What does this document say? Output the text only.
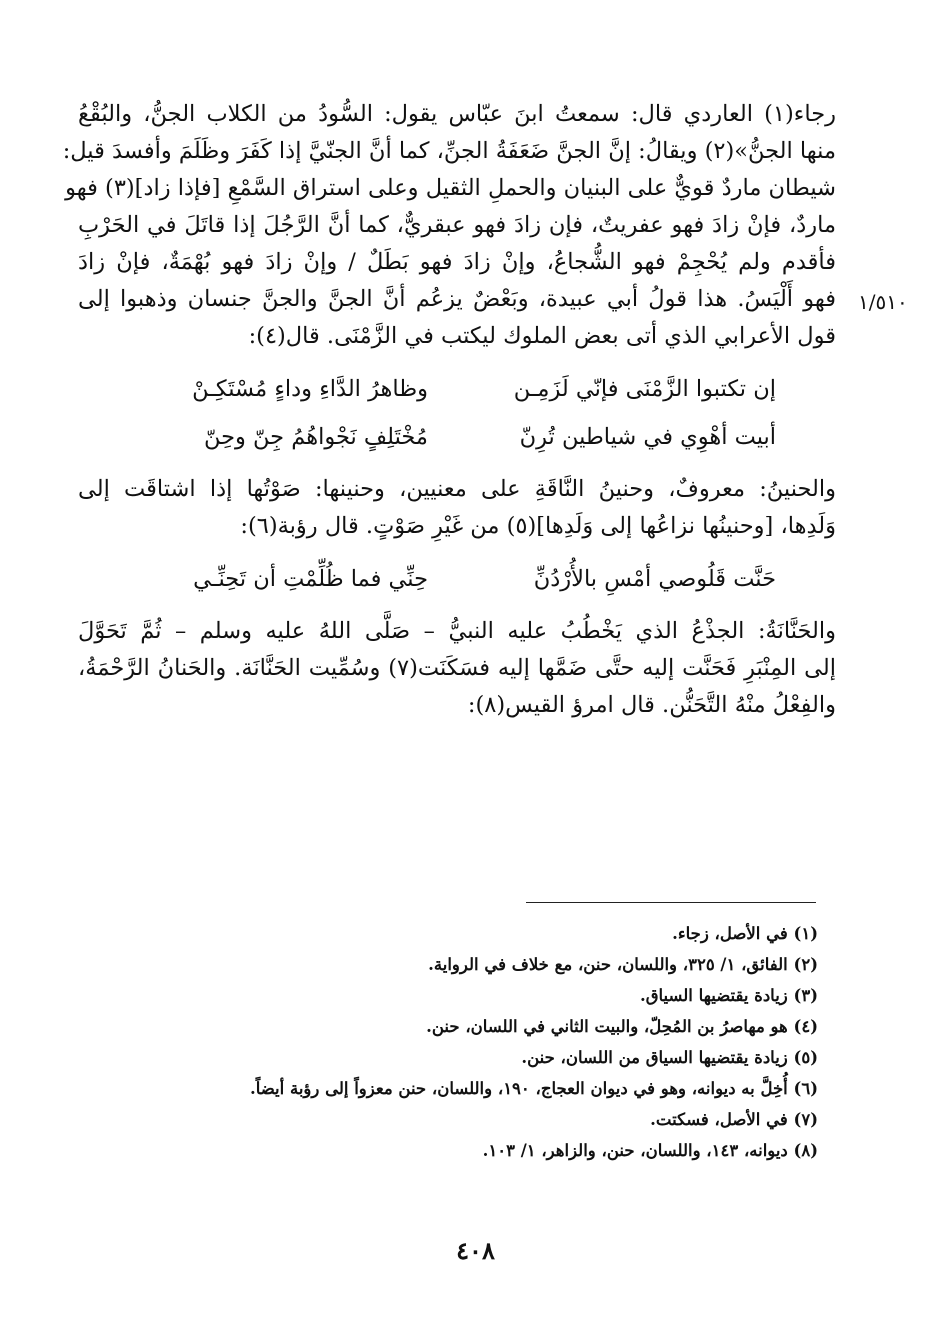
١/٥١٠
رجاء(١) العاردي قال: سمعتُ ابنَ عبّاس يقول: السُّودُ من الكلاب الجنُّ، والبُقْعُ
منها الجنُّ»(٢) ويقالُ: إنَّ الجنَّ ضَعَفَةُ الجنِّ، كما أنَّ الجنّيَّ إذا كَفَرَ وظَلَمَ وأفسدَ قيل:
شيطان ماردٌ قويٌّ على البنيان والحملِ الثقيل وعلى استراق السَّمْعِ [فإذا زاد](٣) فهو
ماردٌ، فإنْ زادَ فهو عفريتٌ، فإن زادَ فهو عبقريٌّ، كما أنَّ الرَّجُلَ إذا قاتَلَ في الحَرْبِ
فأقدم ولم يُحْجِمْ فهو الشُّجاعُ، وإنْ زادَ فهو بَطَلٌ / وإنْ زادَ فهو بُهْمَةٌ، فإنْ زادَ
فهو أَلْيَسُ. هذا قولُ أبي عبيدة، وبَعْضٌ يزعُم أنَّ الجنَّ والجنَّ جنسان وذهبوا إلى
قول الأعرابي الذي أتى بعض الملوك ليكتب في الزَّمْنَى. قال(٤):
إن تكتبوا الزَّمْنَى فإنّي لَزَمِـن
وظاهرُ الدَّاءِ وداءٍ مُسْتَكِـنْ
أبيت أهْوِي في شياطين تُرِنّ
مُخْتَلِفٍ نَجْواهُمُ جِنّ وحِنّ
والحنينُ: معروفٌ، وحنينُ النَّاقَةِ على معنيين، وحنينها: صَوْتُها إذا اشتاقَت إلى
وَلَدِها، [وحنينُها نزاعُها إلى وَلَدِها](٥) من غَيْرِ صَوْتٍ. قال رؤبة(٦):
حَنَّت قَلُوصي أمْسِ بالأُرْدُنِّ
حِنِّي فما ظُلِّمْتِ أن تَحِنِّـي
والحَنَّانَةُ: الجذْعُ الذي يَخْطُبُ عليه النبيُّ – صَلَّى اللهُ عليه وسلم – ثُمَّ تَحَوَّلَ
إلى المِنْبَرِ فَحَنَّت إليه حتَّى ضَمَّها إليه فسَكَنَت(٧) وسُمِّيت الحَنَّانَة. والحَنانُ الرَّحْمَةُ،
والفِعْلُ منْهُ التَّحَنُّن. قال امرؤ القيس(٨):
(١) في الأصل، زجاء.
(٢) الفائق، ١/ ٣٢٥، واللسان، حنن، مع خلاف في الرواية.
(٣) زيادة يقتضيها السياق.
(٤) هو مهاصرُ بن المُحِلّ، والبيت الثاني في اللسان، حنن.
(٥) زيادة يقتضيها السياق من اللسان، حنن.
(٦) أُخِلَّ به ديوانه، وهو في ديوان العجاج، ١٩٠، واللسان، حنن معزواً إلى رؤبة أيضاً.
(٧) في الأصل، فسكتت.
(٨) ديوانه، ١٤٣، واللسان، حنن، والزاهر، ١/ ١٠٣.
٤٠٨
